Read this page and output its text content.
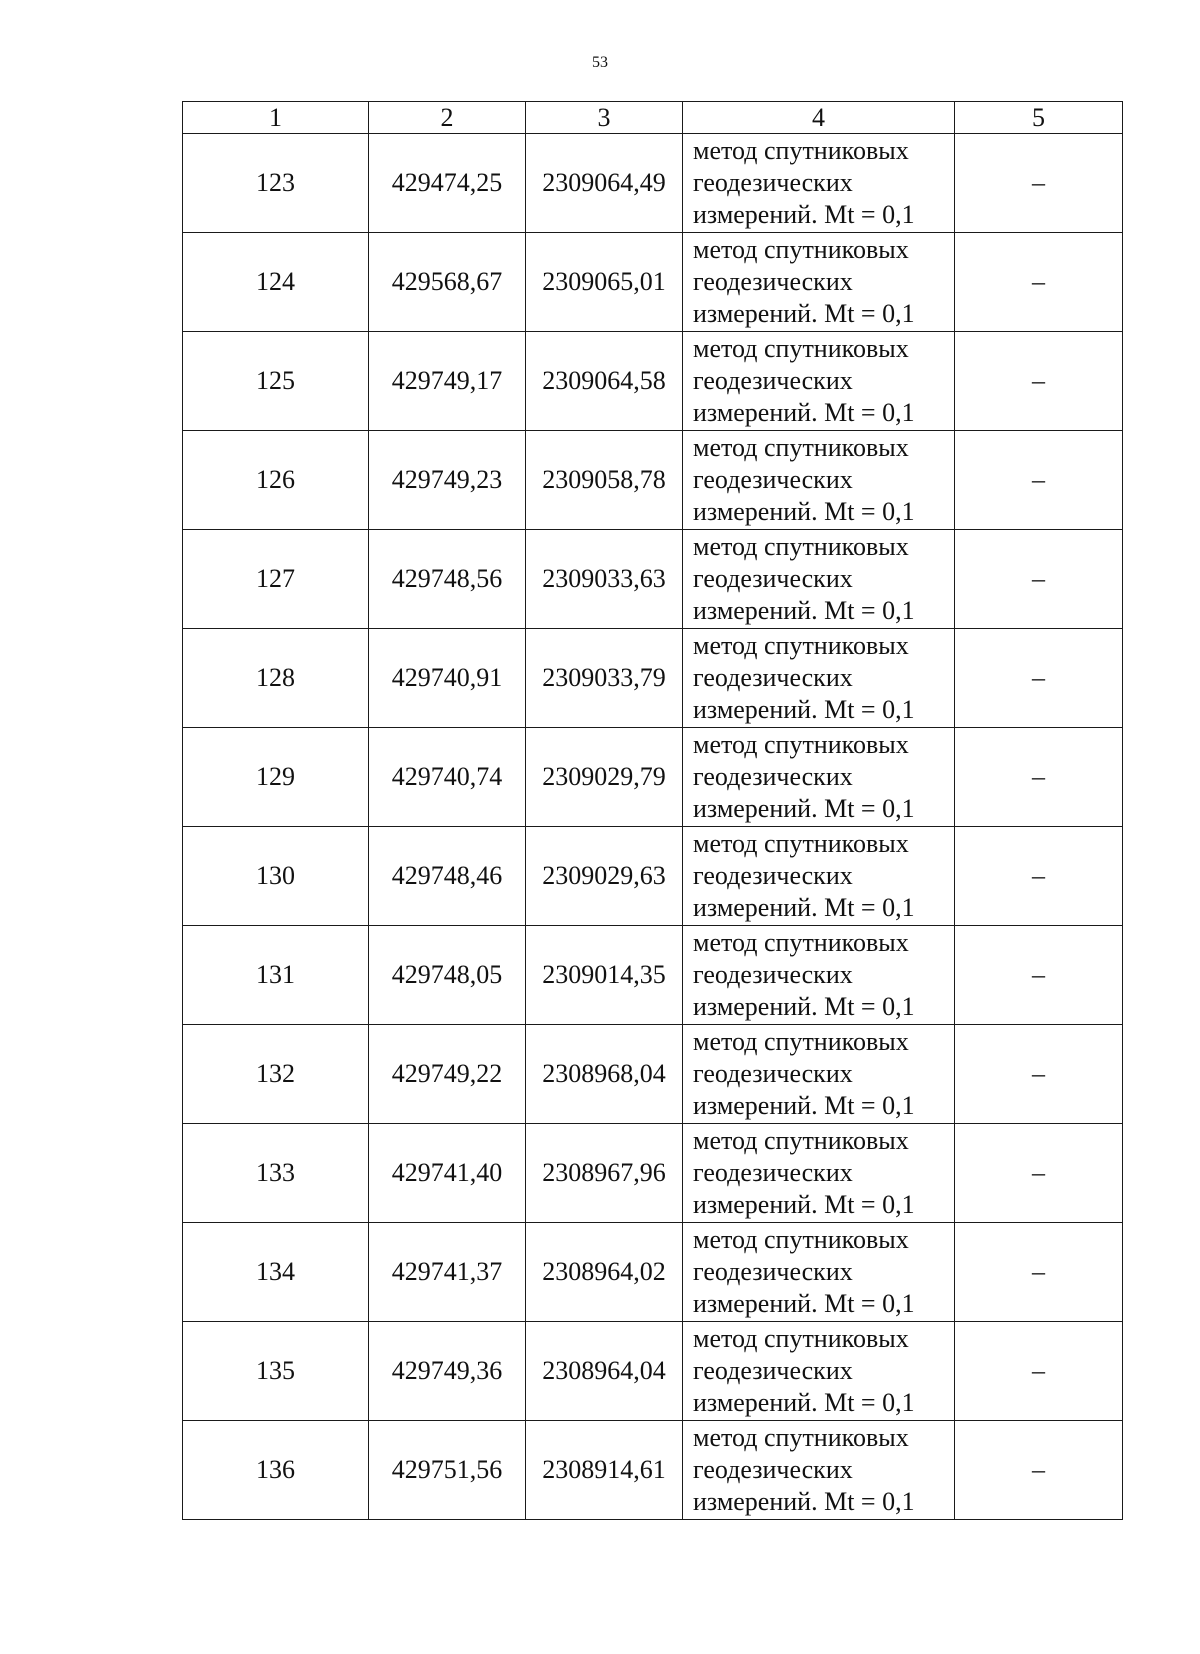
53
1	2	3	4	5
123	429474,25	2309064,49	метод спутниковых
геодезических
измерений. Mt = 0,1	–
124	429568,67	2309065,01	метод спутниковых
геодезических
измерений. Mt = 0,1	–
125	429749,17	2309064,58	метод спутниковых
геодезических
измерений. Mt = 0,1	–
126	429749,23	2309058,78	метод спутниковых
геодезических
измерений. Mt = 0,1	–
127	429748,56	2309033,63	метод спутниковых
геодезических
измерений. Mt = 0,1	–
128	429740,91	2309033,79	метод спутниковых
геодезических
измерений. Mt = 0,1	–
129	429740,74	2309029,79	метод спутниковых
геодезических
измерений. Mt = 0,1	–
130	429748,46	2309029,63	метод спутниковых
геодезических
измерений. Mt = 0,1	–
131	429748,05	2309014,35	метод спутниковых
геодезических
измерений. Mt = 0,1	–
132	429749,22	2308968,04	метод спутниковых
геодезических
измерений. Mt = 0,1	–
133	429741,40	2308967,96	метод спутниковых
геодезических
измерений. Mt = 0,1	–
134	429741,37	2308964,02	метод спутниковых
геодезических
измерений. Mt = 0,1	–
135	429749,36	2308964,04	метод спутниковых
геодезических
измерений. Mt = 0,1	–
136	429751,56	2308914,61	метод спутниковых
геодезических
измерений. Mt = 0,1	–
